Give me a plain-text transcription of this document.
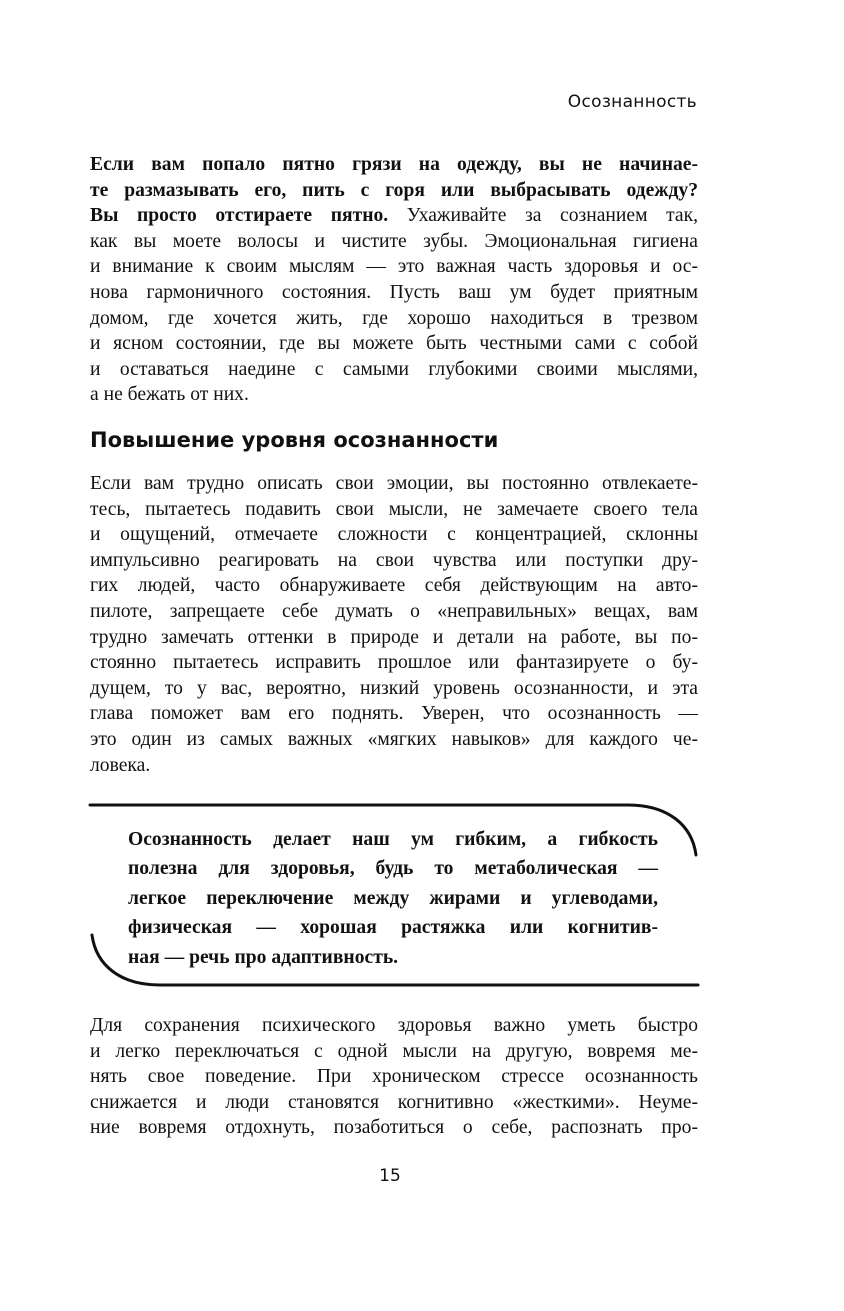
Осознанность
Если вам попало пятно грязи на одежду, вы не начинае-
те размазывать его, пить с горя или выбрасывать одежду?
Вы просто отстираете пятно. Ухаживайте за сознанием так,
как вы моете волосы и чистите зубы. Эмоциональная гигиена
и внимание к своим мыслям — это важная часть здоровья и ос-
нова гармоничного состояния. Пусть ваш ум будет приятным
домом, где хочется жить, где хорошо находиться в трезвом
и ясном состоянии, где вы можете быть честными сами с собой
и оставаться наедине с самыми глубокими своими мыслями,
а не бежать от них.
Повышение уровня осознанности
Если вам трудно описать свои эмоции, вы постоянно отвлекаете-
тесь, пытаетесь подавить свои мысли, не замечаете своего тела
и ощущений, отмечаете сложности с концентрацией, склонны
импульсивно реагировать на свои чувства или поступки дру-
гих людей, часто обнаруживаете себя действующим на авто-
пилоте, запрещаете себе думать о «неправильных» вещах, вам
трудно замечать оттенки в природе и детали на работе, вы по-
стоянно пытаетесь исправить прошлое или фантазируете о бу-
дущем, то у вас, вероятно, низкий уровень осознанности, и эта
глава поможет вам его поднять. Уверен, что осознанность —
это один из самых важных «мягких навыков» для каждого че-
ловека.
Осознанность делает наш ум гибким, а гибкость
полезна для здоровья, будь то метаболическая —
легкое переключение между жирами и углеводами,
физическая — хорошая растяжка или когнитив-
ная — речь про адаптивность.
Для сохранения психического здоровья важно уметь быстро
и легко переключаться с одной мысли на другую, вовремя ме-
нять свое поведение. При хроническом стрессе осознанность
снижается и люди становятся когнитивно «жесткими». Неуме-
ние вовремя отдохнуть, позаботиться о себе, распознать про-
15
